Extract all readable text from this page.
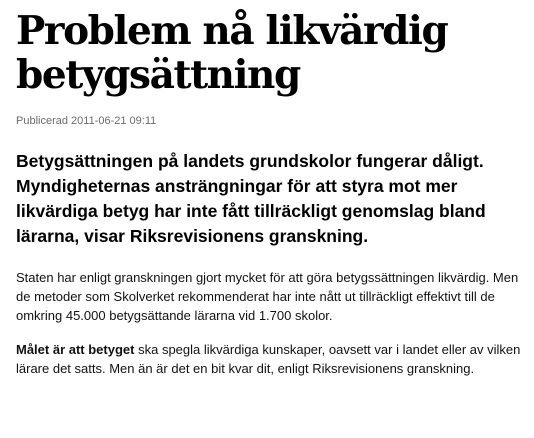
Problem nå likvärdig betygsättning
Publicerad 2011-06-21 09:11
Betygsättningen på landets grundskolor fungerar dåligt. Myndigheternas ansträngningar för att styra mot mer likvärdiga betyg har inte fått tillräckligt genomslag bland lärarna, visar Riksrevisionens granskning.

Staten har enligt granskningen gjort mycket för att göra betygssättningen likvärdig. Men de metoder som Skolverket rekommenderat har inte nått ut tillräckligt effektivt till de omkring 45.000 betygsättande lärarna vid 1.700 skolor.

Målet är att betyget ska spegla likvärdiga kunskaper, oavsett var i landet eller av vilken lärare det satts. Men än är det en bit kvar dit, enligt Riksrevisionens granskning.
